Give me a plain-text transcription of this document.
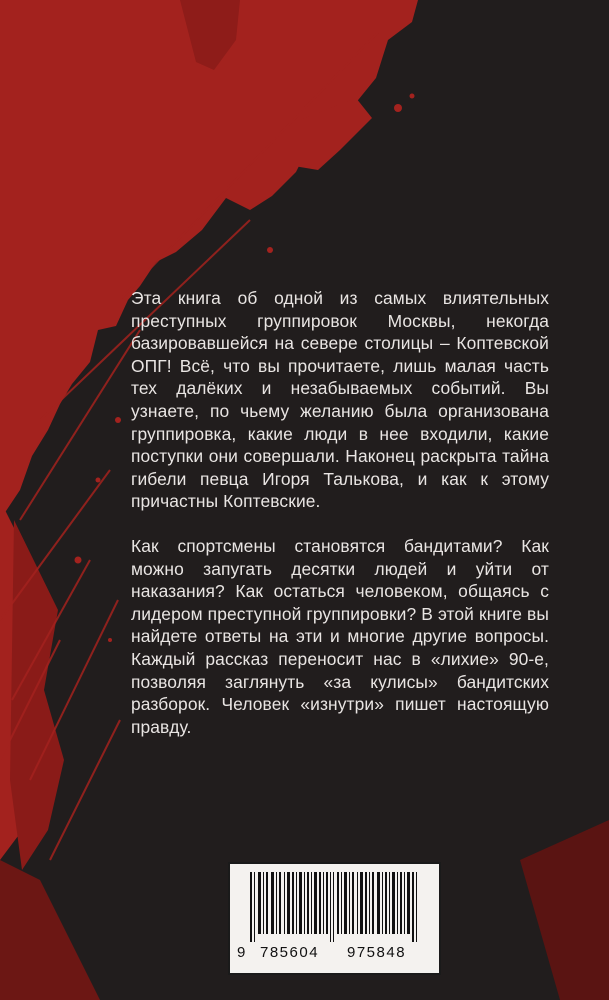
Эта книга об одной из самых влиятельных преступных группировок Москвы, некогда базировавшейся на севере столицы – Коптевской ОПГ! Всё, что вы прочитаете, лишь малая часть тех далёких и незабываемых событий. Вы узнаете, по чьему желанию была организована группировка, какие люди в нее входили, какие поступки они совершали. Наконец раскрыта тайна гибели певца Игоря Талькова, и как к этому причастны Коптевские.

Как спортсмены становятся бандитами? Как можно запугать десятки людей и уйти от наказания? Как остаться человеком, общаясь с лидером преступной группировки? В этой книге вы найдете ответы на эти и многие другие вопросы. Каждый рассказ переносит нас в «лихие» 90-е, позволяя заглянуть «за кулисы» бандитских разборок. Человек «изнутри» пишет настоящую правду.

9 785604 975848
